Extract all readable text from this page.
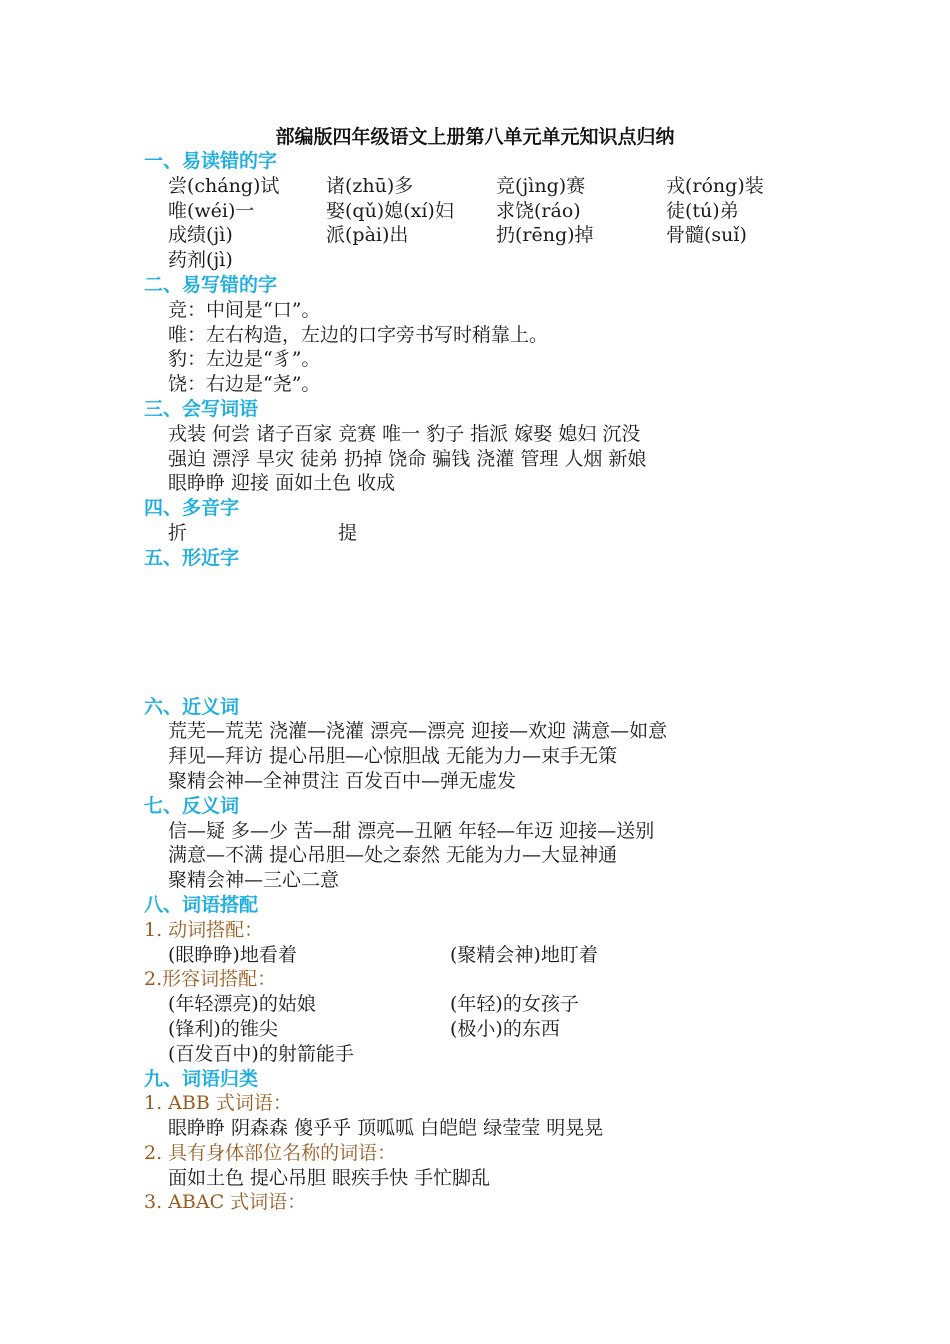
部编版四年级语文上册第八单元单元知识点归纳
一、易读错的字
尝(cháng)试	诸(zhū)多	竞(jìng)赛	戎(róng)装
唯(wéi)一	娶(qǔ)媳(xí)妇	求饶(ráo)	徒(tú)弟
成绩(jì)	派(pài)出	扔(rēng)掉	骨髓(suǐ)
药剂(jì)
二、易写错的字
竞：中间是“口”。
唯：左右构造，左边的口字旁书写时稍靠上。
豹：左边是“豸”。
饶：右边是“尧”。
三、会写词语
戎装 何尝 诸子百家 竞赛 唯一 豹子 指派 嫁娶 媳妇 沉没
强迫 漂浮 旱灾 徒弟 扔掉 饶命 骗钱 浇灌 管理 人烟 新娘
眼睁睁 迎接 面如土色 收成
四、多音字
折	提
五、形近字
六、近义词
荒芜—荒芜 浇灌—浇灌 漂亮—漂亮 迎接—欢迎 满意—如意
拜见—拜访 提心吊胆—心惊胆战 无能为力—束手无策
聚精会神—全神贯注 百发百中—弹无虚发
七、反义词
信—疑 多—少 苦—甜 漂亮—丑陋 年轻—年迈 迎接—送别
满意—不满 提心吊胆—处之泰然 无能为力—大显神通
聚精会神—三心二意
八、词语搭配
1. 动词搭配：
(眼睁睁)地看着	(聚精会神)地盯着
2.形容词搭配：
(年轻漂亮)的姑娘	(年轻)的女孩子
(锋利)的锥尖	(极小)的东西
(百发百中)的射箭能手
九、词语归类
1. ABB 式词语：
眼睁睁 阴森森 傻乎乎 顶呱呱 白皑皑 绿莹莹 明晃晃
2. 具有身体部位名称的词语：
面如土色 提心吊胆 眼疾手快 手忙脚乱
3. ABAC 式词语：
